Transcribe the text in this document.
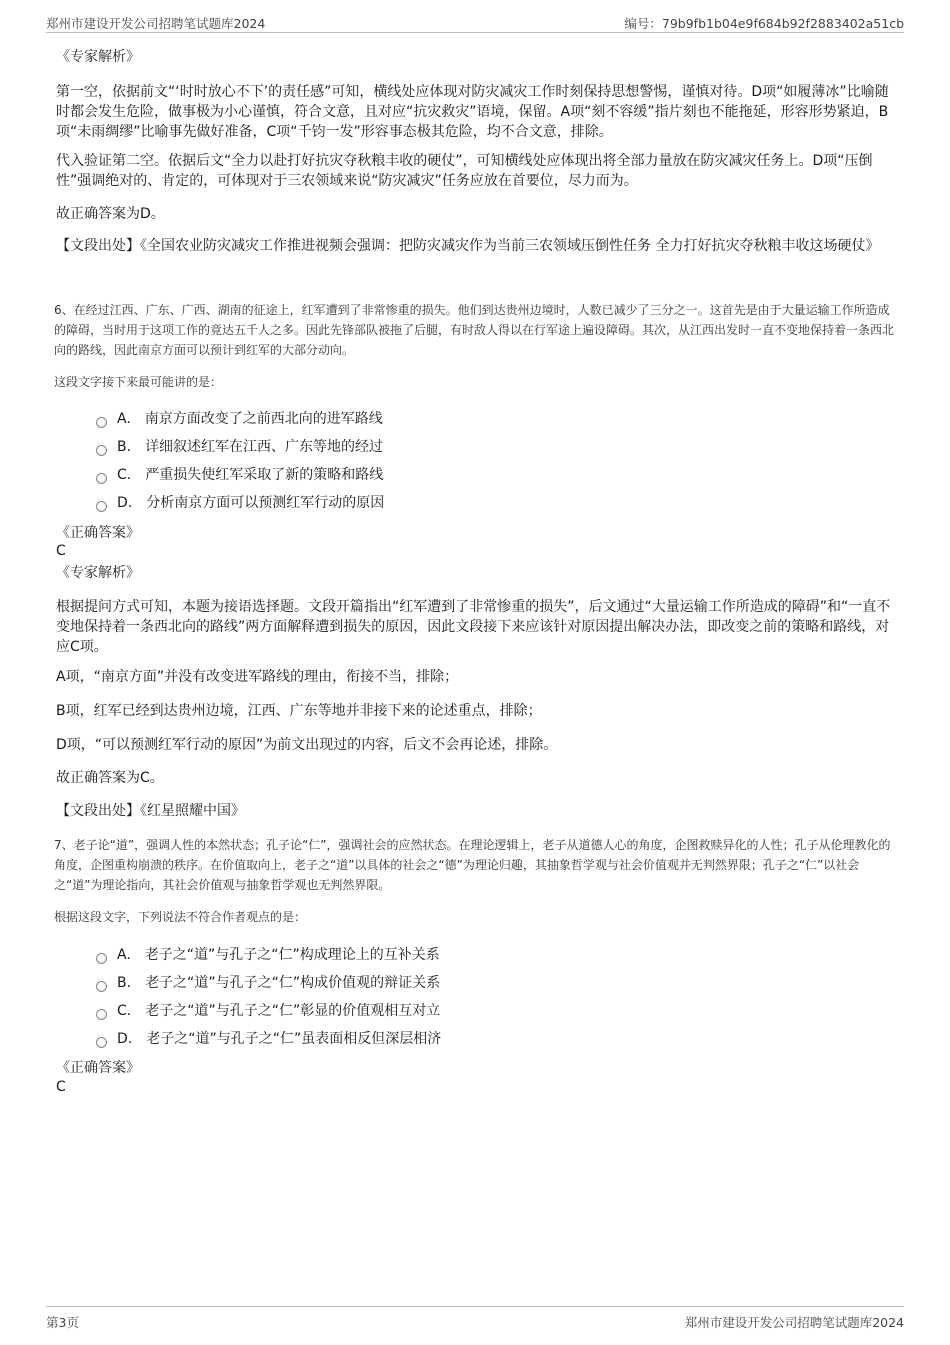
郑州市建设开发公司招聘笔试题库2024	编号：79b9fb1b04e9f684b92f2883402a51cb
《专家解析》

第一空，依据前文“‘时时放心不下’的责任感”可知，横线处应体现对防灾减灾工作时刻保持思想警惕，谨慎对待。D项“如履薄冰”比喻随时都会发生危险，做事极为小心谨慎，符合文意，且对应“抗灾救灾”语境，保留。A项“刻不容缓”指片刻也不能拖延，形容形势紧迫，B项“未雨绸缪”比喻事先做好准备，C项“千钧一发”形容事态极其危险，均不合文意，排除。

代入验证第二空。依据后文“全力以赴打好抗灾夺秋粮丰收的硬仗”，可知横线处应体现出将全部力量放在防灾减灾任务上。D项“压倒性”强调绝对的、肯定的，可体现对于三农领域来说“防灾减灾”任务应放在首要位，尽力而为。

故正确答案为D。

【文段出处】《全国农业防灾减灾工作推进视频会强调：把防灾减灾作为当前三农领域压倒性任务 全力打好抗灾夺秋粮丰收这场硬仗》

6、在经过江西、广东、广西、湖南的征途上，红军遭到了非常惨重的损失。他们到达贵州边境时，人数已减少了三分之一。这首先是由于大量运输工作所造成的障碍，当时用于这项工作的竟达五千人之多。因此先锋部队被拖了后腿，有时敌人得以在行军途上遍设障碍。其次，从江西出发时一直不变地保持着一条西北向的路线，因此南京方面可以预计到红军的大部分动向。

这段文字接下来最可能讲的是：

A. 南京方面改变了之前西北向的进军路线
B. 详细叙述红军在江西、广东等地的经过
C. 严重损失使红军采取了新的策略和路线
D. 分析南京方面可以预测红军行动的原因
《正确答案》
C
《专家解析》

根据提问方式可知，本题为接语选择题。文段开篇指出“红军遭到了非常惨重的损失”，后文通过“大量运输工作所造成的障碍”和“一直不变地保持着一条西北向的路线”两方面解释遭到损失的原因，因此文段接下来应该针对原因提出解决办法，即改变之前的策略和路线，对应C项。

A项，“南京方面”并没有改变进军路线的理由，衔接不当，排除；

B项，红军已经到达贵州边境，江西、广东等地并非接下来的论述重点，排除；

D项，“可以预测红军行动的原因”为前文出现过的内容，后文不会再论述，排除。

故正确答案为C。

【文段出处】《红星照耀中国》

7、老子论“道”，强调人性的本然状态；孔子论“仁”，强调社会的应然状态。在理论逻辑上，老子从道德人心的角度，企图救赎异化的人性；孔子从伦理教化的角度，企图重构崩溃的秩序。在价值取向上，老子之“道”以具体的社会之“德”为理论归趣，其抽象哲学观与社会价值观并无判然界限；孔子之“仁”以社会之“道”为理论指向，其社会价值观与抽象哲学观也无判然界限。

根据这段文字，下列说法不符合作者观点的是：

A. 老子之“道”与孔子之“仁”构成理论上的互补关系
B. 老子之“道”与孔子之“仁”构成价值观的辩证关系
C. 老子之“道”与孔子之“仁”彰显的价值观相互对立
D. 老子之“道”与孔子之“仁”虽表面相反但深层相济
《正确答案》
C
第3页	郑州市建设开发公司招聘笔试题库2024
